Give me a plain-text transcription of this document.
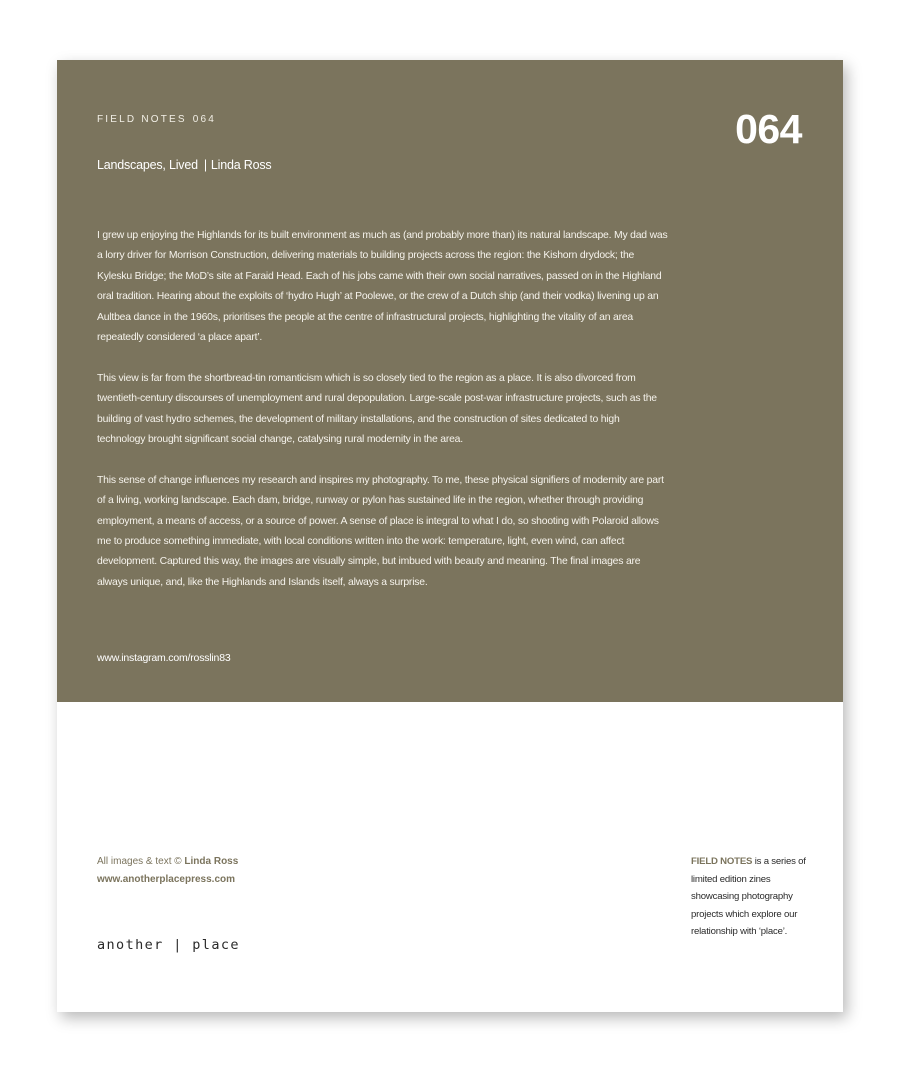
FIELD NOTES 064	064
Landscapes, Lived | Linda Ross

I grew up enjoying the Highlands for its built environment as much as (and probably more than) its natural landscape. My dad was a lorry driver for Morrison Construction, delivering materials to building projects across the region: the Kishorn drydock; the Kylesku Bridge; the MoD’s site at Faraid Head. Each of his jobs came with their own social narratives, passed on in the Highland oral tradition. Hearing about the exploits of ‘hydro Hugh’ at Poolewe, or the crew of a Dutch ship (and their vodka) livening up an Aultbea dance in the 1960s, prioritises the people at the centre of infrastructural projects, highlighting the vitality of an area repeatedly considered ‘a place apart’.

This view is far from the shortbread-tin romanticism which is so closely tied to the region as a place. It is also divorced from twentieth-century discourses of unemployment and rural depopulation. Large-scale post-war infrastructure projects, such as the building of vast hydro schemes, the development of military installations, and the construction of sites dedicated to high technology brought significant social change, catalysing rural modernity in the area.

This sense of change influences my research and inspires my photography. To me, these physical signifiers of modernity are part of a living, working landscape. Each dam, bridge, runway or pylon has sustained life in the region, whether through providing employment, a means of access, or a source of power. A sense of place is integral to what I do, so shooting with Polaroid allows me to produce something immediate, with local conditions written into the work: temperature, light, even wind, can affect development. Captured this way, the images are visually simple, but imbued with beauty and meaning. The final images are always unique, and, like the Highlands and Islands itself, always a surprise.

www.instagram.com/rosslin83
All images & text © Linda Ross
www.anotherplacepress.com
another | place
FIELD NOTES is a series of limited edition zines showcasing photography projects which explore our relationship with ‘place’.
